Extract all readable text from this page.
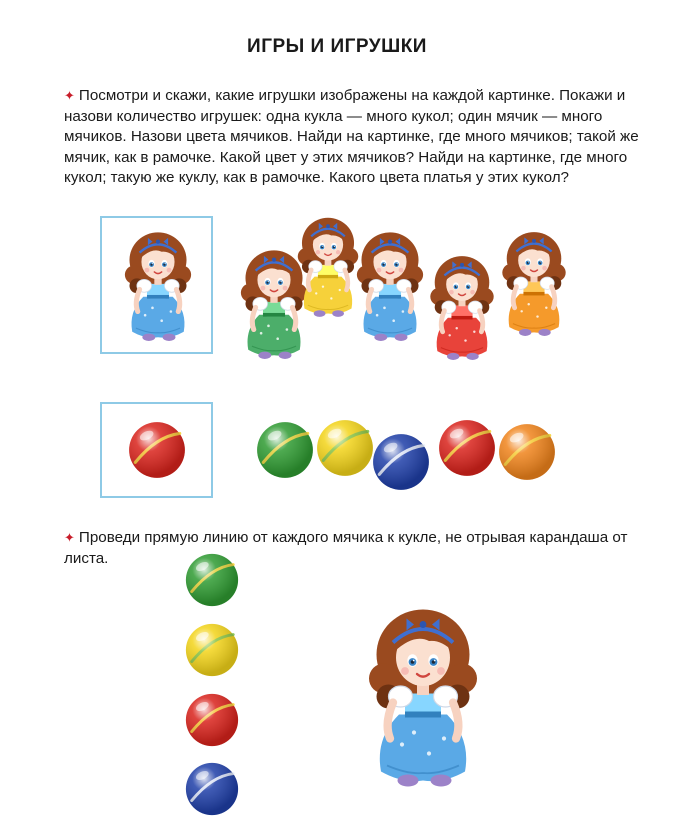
ИГРЫ И ИГРУШКИ
✦ Посмотри и скажи, какие игрушки изображены на каждой картинке. Покажи и назови количество игрушек: одна кукла — много кукол; один мячик — много мячиков. Назови цвета мячиков. Найди на картинке, где много мячиков; такой же мячик, как в рамочке. Какой цвет у этих мячиков? Найди на картинке, где много кукол; такую же куклу, как в рамочке. Какого цвета платья у этих кукол?
✦ Проведи прямую линию от каждого мячика к кукле, не отрывая карандаша от листа.
